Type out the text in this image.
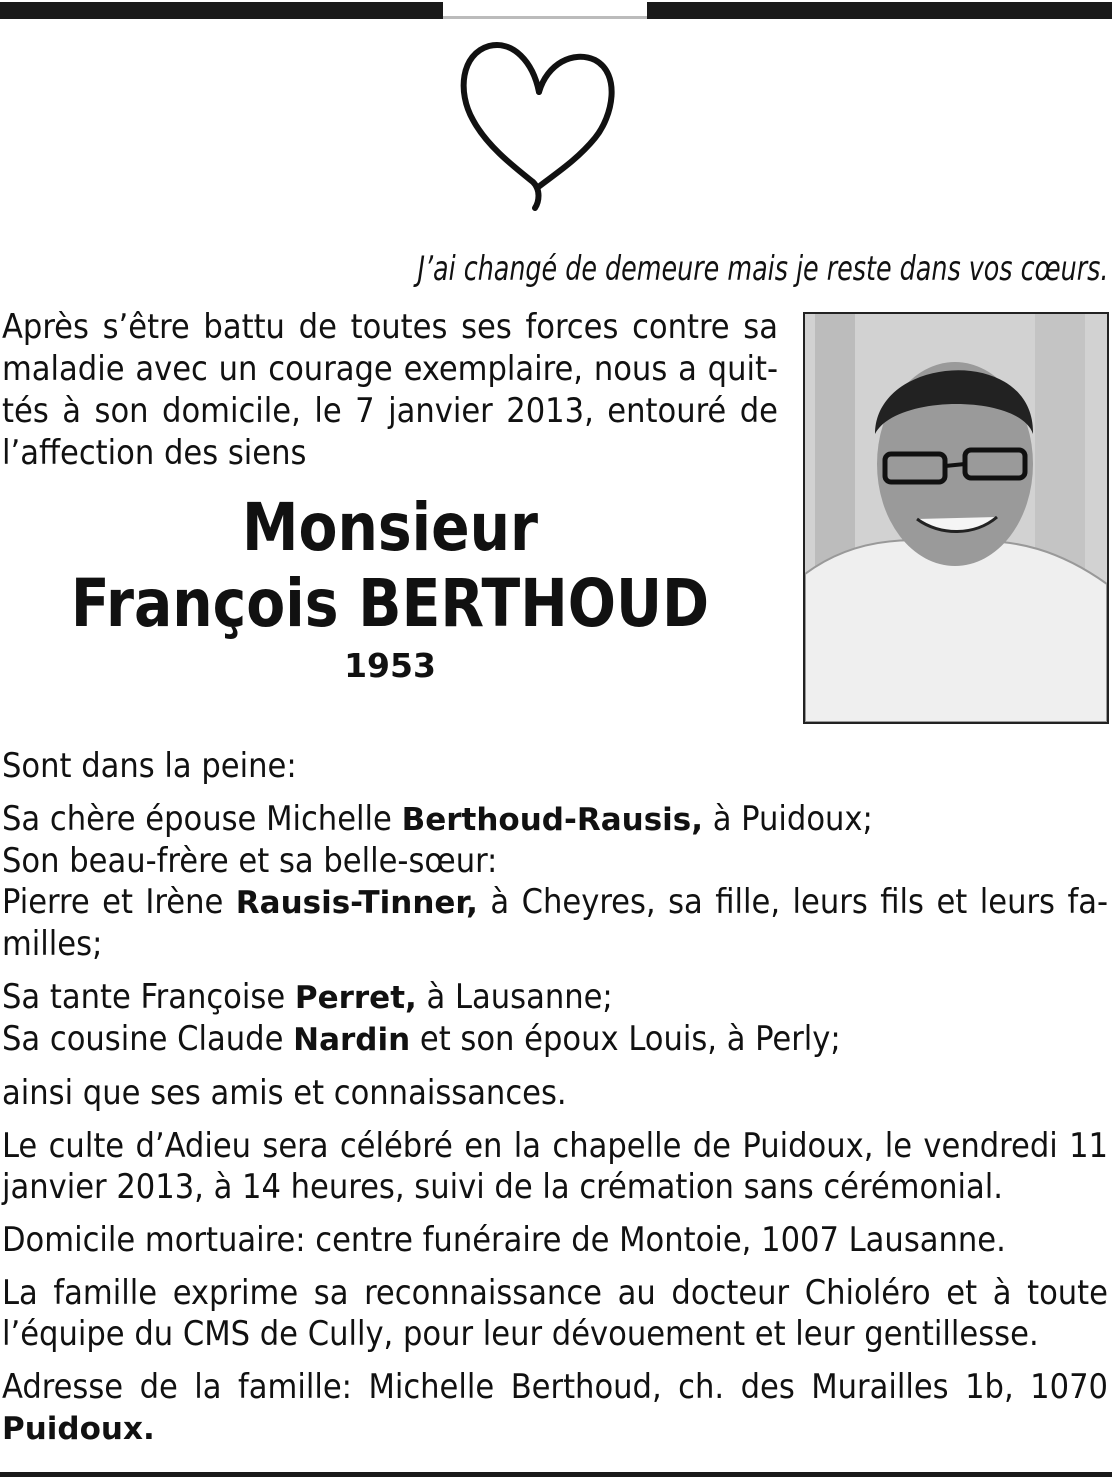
J’ai changé de demeure mais je reste dans vos cœurs.

Après s’être battu de toutes ses forces contre sa
maladie avec un courage exemplaire, nous a quit-
tés à son domicile, le 7 janvier 2013, entouré de
l’affection des siens
Monsieur
François BERTHOUD
1953

Sont dans la peine:

Sa chère épouse Michelle Berthoud-Rausis, à Puidoux;

Son beau-frère et sa belle-sœur:

Pierre et Irène Rausis-Tinner, à Cheyres, sa fille, leurs fils et leurs fa-

milles;

Sa tante Françoise Perret, à Lausanne;

Sa cousine Claude Nardin et son époux Louis, à Perly;

ainsi que ses amis et connaissances.

Le culte d’Adieu sera célébré en la chapelle de Puidoux, le vendredi 11

janvier 2013, à 14 heures, suivi de la crémation sans cérémonial.

Domicile mortuaire: centre funéraire de Montoie, 1007 Lausanne.

La famille exprime sa reconnaissance au docteur Chioléro et à toute

l’équipe du CMS de Cully, pour leur dévouement et leur gentillesse.

Adresse de la famille: Michelle Berthoud, ch. des Murailles 1b, 1070

Puidoux.
